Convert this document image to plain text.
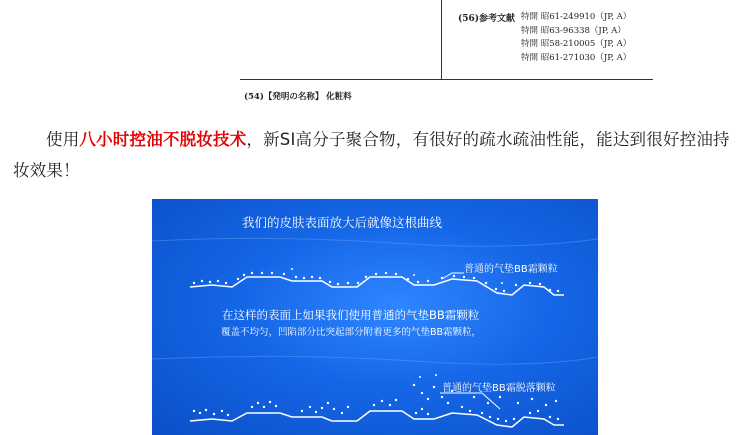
(56)参考文献 特開 昭61-249910（JP, A）
特開 昭63-96338（JP, A）
特開 昭58-210005（JP, A）
特開 昭61-271030（JP, A）
(54)【発明の名称】 化粧料
使用八小时控油不脱妆技术，新SI高分子聚合物，有很好的疏水疏油性能，能达到很好控油持妆效果！
我们的皮肤表面放大后就像这根曲线
普通的气垫BB霜颗粒
在这样的表面上如果我们使用普通的气垫BB霜颗粒
覆盖不均匀，凹陷部分比突起部分附着更多的气垫BB霜颗粒，
普通的气垫BB霜脱落颗粒
